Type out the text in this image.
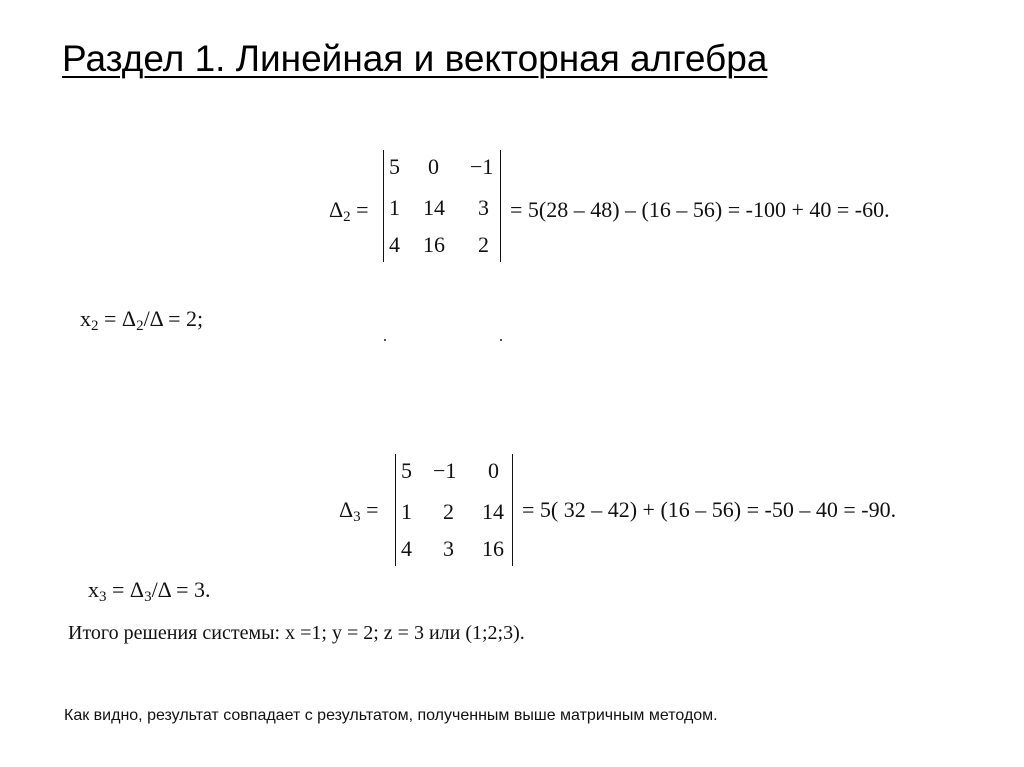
Раздел 1. Линейная и векторная алгебра
$\Delta_2$ =
5 0 −1
1 14 3
4 16 2
= 5(28 – 48) – (16 – 56) = -100 + 40 = -60.
$x_2 = \Delta_2/\Delta = 2$;
$\Delta_3$ =
5 −1 0
1 2 14
4 3 16
= 5( 32 – 42) + (16 – 56) = -50 – 40 = -90.
$x_3 = \Delta_3/\Delta = 3$.
Итого решения системы: x =1; y = 2; z = 3 или (1;2;3).
Как видно, результат совпадает с результатом, полученным выше матричным методом.
